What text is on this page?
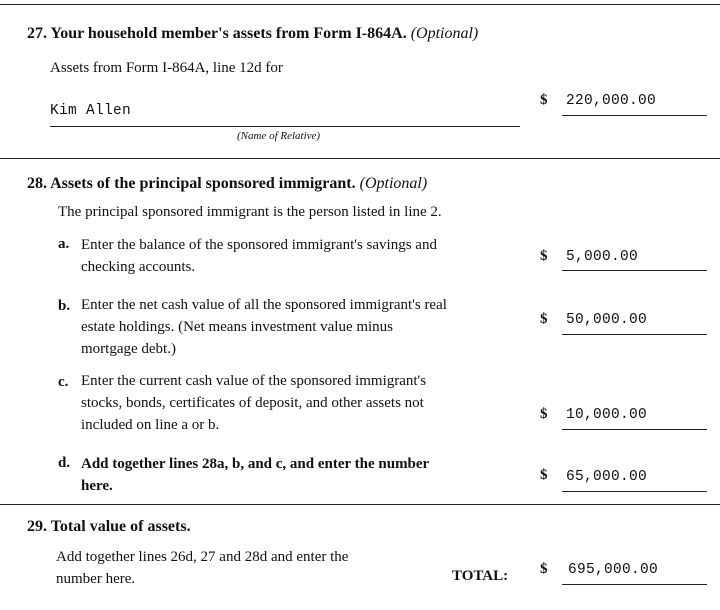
27. Your household member's assets from Form I-864A. (Optional)
Assets from Form I-864A, line 12d for
Kim Allen
(Name of Relative)
$ 220,000.00
28. Assets of the principal sponsored immigrant. (Optional)
The principal sponsored immigrant is the person listed in line 2.
a. Enter the balance of the sponsored immigrant's savings and
checking accounts.
$ 5,000.00
b. Enter the net cash value of all the sponsored immigrant's real
estate holdings. (Net means investment value minus
mortgage debt.)
$ 50,000.00
c. Enter the current cash value of the sponsored immigrant's
stocks, bonds, certificates of deposit, and other assets not
included on line a or b.
$ 10,000.00
d. Add together lines 28a, b, and c, and enter the number
here.
$ 65,000.00
29. Total value of assets.
Add together lines 26d, 27 and 28d and enter the
number here.	TOTAL: $ 695,000.00
